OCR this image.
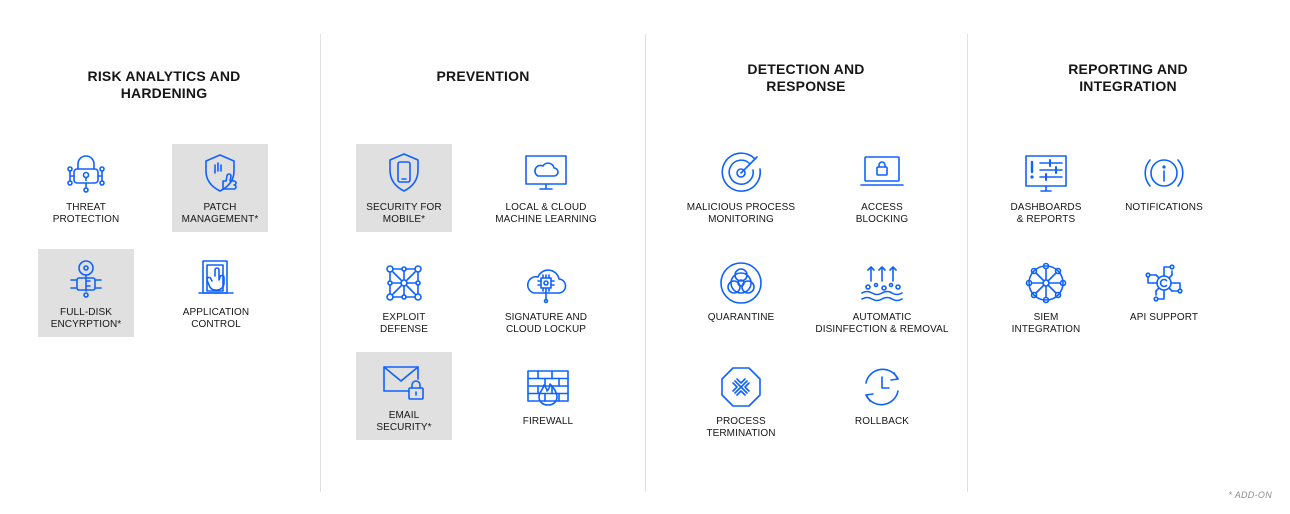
RISK ANALYTICS AND
HARDENING
PREVENTION	DETECTION AND
RESPONSE
REPORTING AND
INTEGRATION
THREAT
PROTECTION
PATCH
MANAGEMENT*
FULL-DISK
ENCYRPTION*
APPLICATION
CONTROL
SECURITY FOR
MOBILE*
LOCAL & CLOUD
MACHINE LEARNING
EXPLOIT
DEFENSE
SIGNATURE AND
CLOUD LOCKUP
EMAIL
SECURITY*
FIREWALL
MALICIOUS PROCESS
MONITORING
ACCESS
BLOCKING
QUARANTINE	AUTOMATIC
DISINFECTION & REMOVAL
PROCESS
TERMINATION
ROLLBACK
DASHBOARDS
& REPORTS
NOTIFICATIONS
SIEM
INTEGRATION
API SUPPORT
* ADD-ON
